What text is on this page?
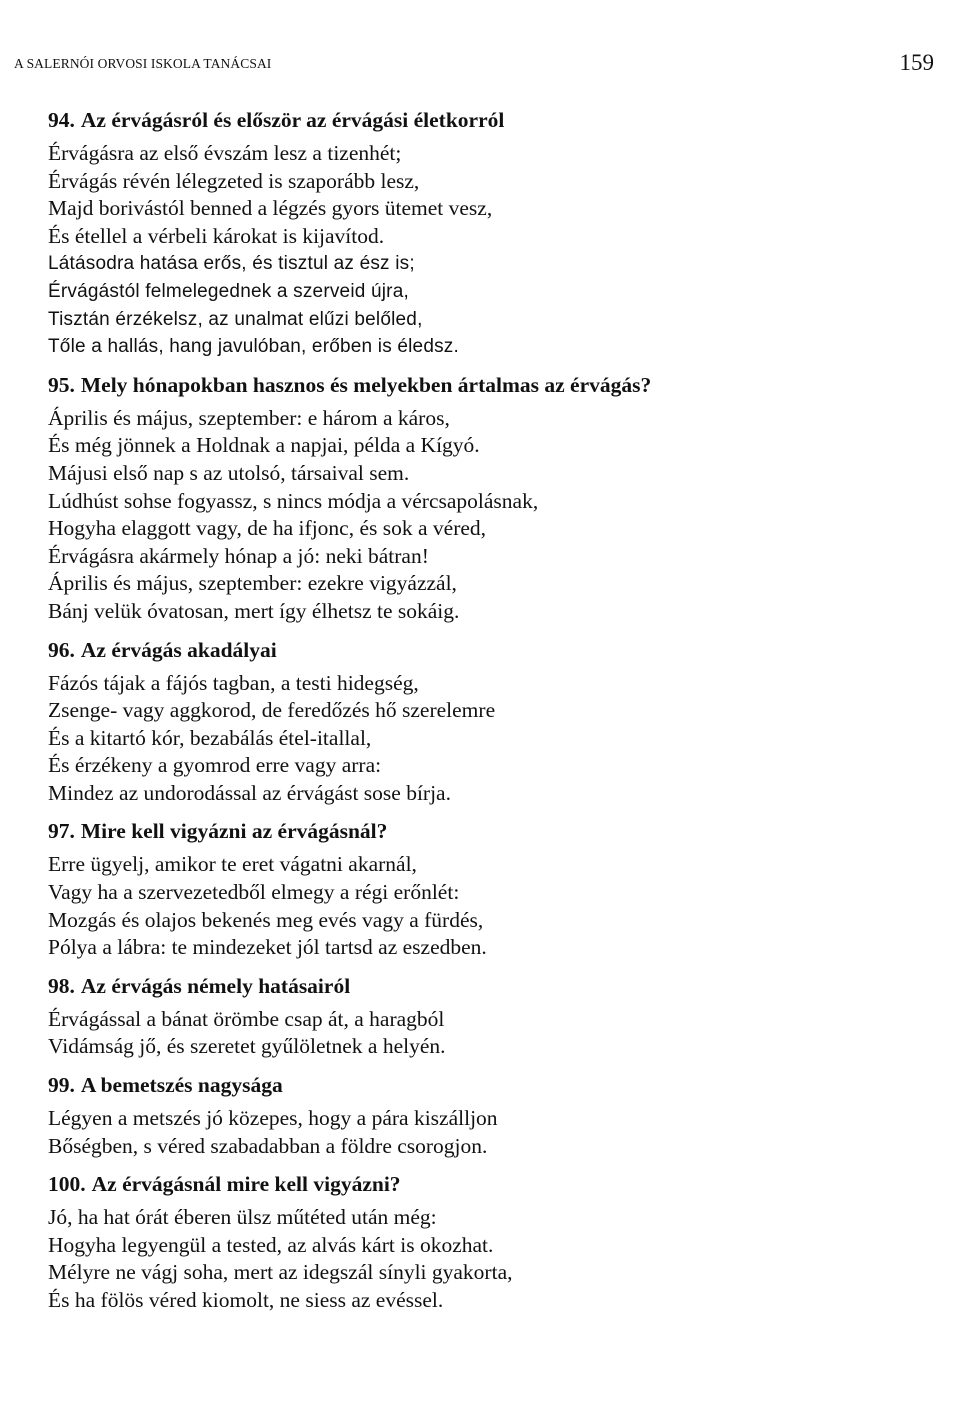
A SALERNÓI ORVOSI ISKOLA TANÁCSAI	159
94. Az érvágásról és először az érvágási életkorról

Érvágásra az első évszám lesz a tizenhét;

Érvágás révén lélegzeted is szaporább lesz,

Majd borivástól benned a légzés gyors ütemet vesz,

És étellel a vérbeli károkat is kijavítod.

Látásodra hatása erős, és tisztul az ész is;

Érvágástól felmelegednek a szerveid újra,

Tisztán érzékelsz, az unalmat elűzi belőled,

Tőle a hallás, hang javulóban, erőben is éledsz.

95. Mely hónapokban hasznos és melyekben ártalmas az érvágás?

Április és május, szeptember: e három a káros,

És még jönnek a Holdnak a napjai, példa a Kígyó.

Májusi első nap s az utolsó, társaival sem.

Lúdhúst sohse fogyassz, s nincs módja a vércsapolásnak,

Hogyha elaggott vagy, de ha ifjonc, és sok a véred,

Érvágásra akármely hónap a jó: neki bátran!

Április és május, szeptember: ezekre vigyázzál,

Bánj velük óvatosan, mert így élhetsz te sokáig.

96. Az érvágás akadályai

Fázós tájak a fájós tagban, a testi hidegség,

Zsenge- vagy aggkorod, de feredőzés hő szerelemre

És a kitartó kór, bezabálás étel-itallal,

És érzékeny a gyomrod erre vagy arra:

Mindez az undorodással az érvágást sose bírja.

97. Mire kell vigyázni az érvágásnál?

Erre ügyelj, amikor te eret vágatni akarnál,

Vagy ha a szervezetedből elmegy a régi erőnlét:

Mozgás és olajos bekenés meg evés vagy a fürdés,

Pólya a lábra: te mindezeket jól tartsd az eszedben.

98. Az érvágás némely hatásairól

Érvágással a bánat örömbe csap át, a haragból

Vidámság jő, és szeretet gyűlöletnek a helyén.

99. A bemetszés nagysága

Légyen a metszés jó közepes, hogy a pára kiszálljon

Bőségben, s véred szabadabban a földre csorogjon.

100. Az érvágásnál mire kell vigyázni?

Jó, ha hat órát éberen ülsz műtéted után még:

Hogyha legyengül a tested, az alvás kárt is okozhat.

Mélyre ne vágj soha, mert az idegszál sínyli gyakorta,

És ha fölös véred kiomolt, ne siess az evéssel.
